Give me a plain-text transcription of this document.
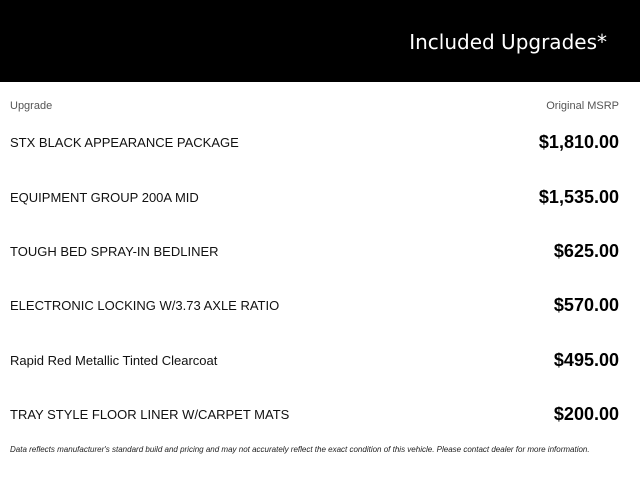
Included Upgrades*
Upgrade	Original MSRP
STX BLACK APPEARANCE PACKAGE	$1,810.00
EQUIPMENT GROUP 200A MID	$1,535.00
TOUGH BED SPRAY-IN BEDLINER	$625.00
ELECTRONIC LOCKING W/3.73 AXLE RATIO	$570.00
Rapid Red Metallic Tinted Clearcoat	$495.00
TRAY STYLE FLOOR LINER W/CARPET MATS	$200.00
Data reflects manufacturer's standard build and pricing and may not accurately reflect the exact condition of this vehicle. Please contact dealer for more information.
